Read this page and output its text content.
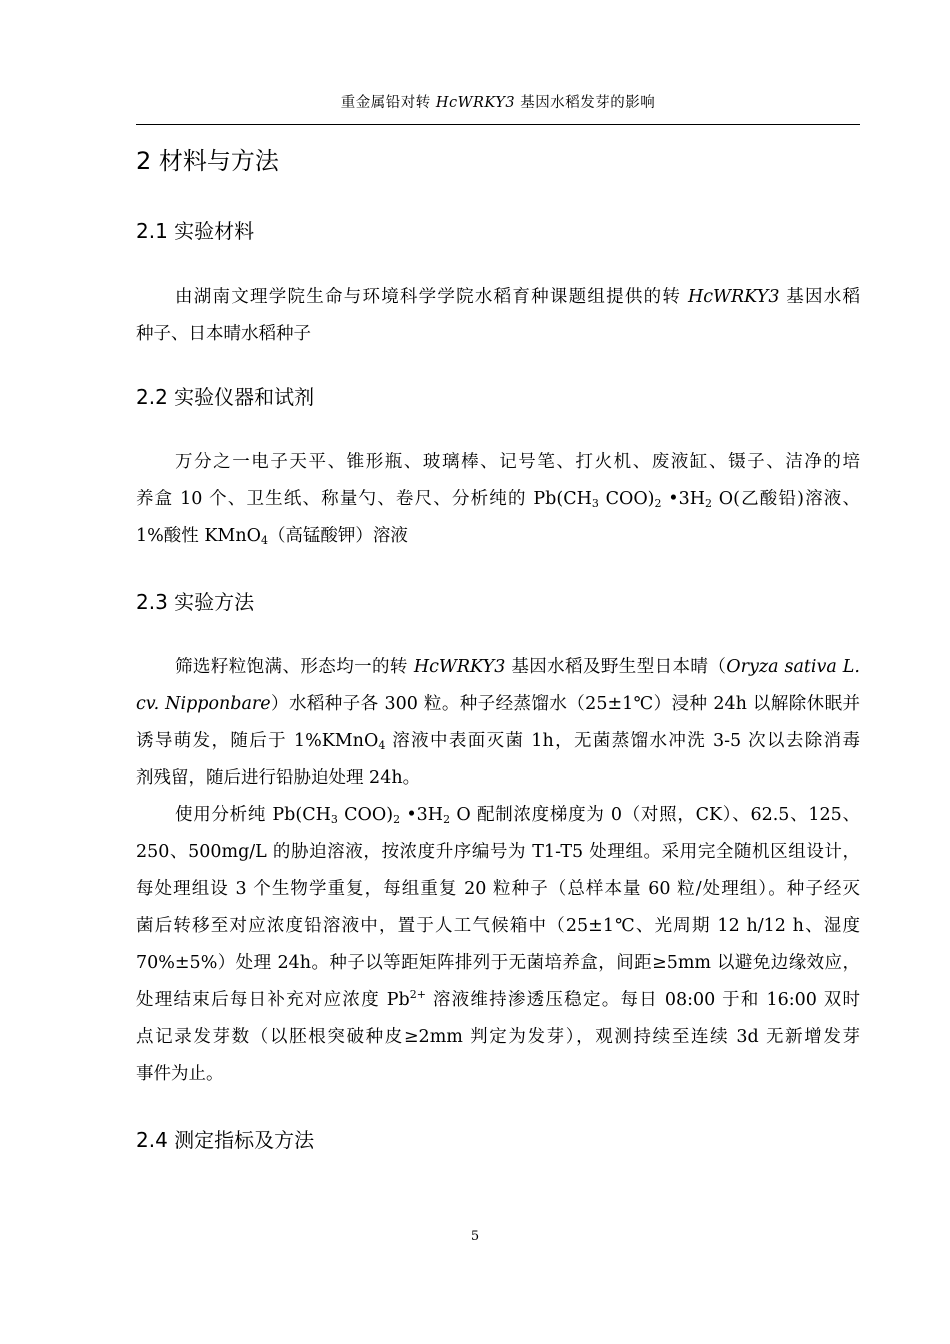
重金属铅对转 HcWRKY3 基因水稻发芽的影响
2 材料与方法
2.1 实验材料
由湖南文理学院生命与环境科学学院水稻育种课题组提供的转 HcWRKY3 基因水稻
种子、日本晴水稻种子
2.2 实验仪器和试剂
万分之一电子天平、锥形瓶、玻璃棒、记号笔、打火机、废液缸、镊子、洁净的培
养盒 10 个、卫生纸、称量勺、卷尺、分析纯的 $Pb(CH_3$ $COO)_2$ $•3H_2$ O(乙酸铅)溶液、
1%酸性 KMnO$_4$（高锰酸钾）溶液
2.3 实验方法
筛选籽粒饱满、形态均一的转 HcWRKY3 基因水稻及野生型日本晴（Oryza sativa L.
cv. Nipponbare）水稻种子各 300 粒。种子经蒸馏水（25±1℃）浸种 24h 以解除休眠并
诱导萌发，随后于 1%KMnO$_4$ 溶液中表面灭菌 1h，无菌蒸馏水冲洗 3-5 次以去除消毒
剂残留，随后进行铅胁迫处理 24h。
使用分析纯 $Pb(CH_3$ $COO)_2$ $•3H_2$ O 配制浓度梯度为 0（对照，CK）、62.5、125、
250、500mg/L 的胁迫溶液，按浓度升序编号为 T1-T5 处理组。采用完全随机区组设计，
每处理组设 3 个生物学重复，每组重复 20 粒种子（总样本量 60 粒/处理组）。种子经灭
菌后转移至对应浓度铅溶液中，置于人工气候箱中（25±1℃、光周期 12 h/12 h、湿度
70%±5%）处理 24h。种子以等距矩阵排列于无菌培养盒，间距≥5mm 以避免边缘效应，
处理结束后每日补充对应浓度 $Pb^{2+}$ 溶液维持渗透压稳定。每日 08:00 于和 16:00 双时
点记录发芽数（以胚根突破种皮≥2mm 判定为发芽），观测持续至连续 3d 无新增发芽
事件为止。
2.4 测定指标及方法
5
